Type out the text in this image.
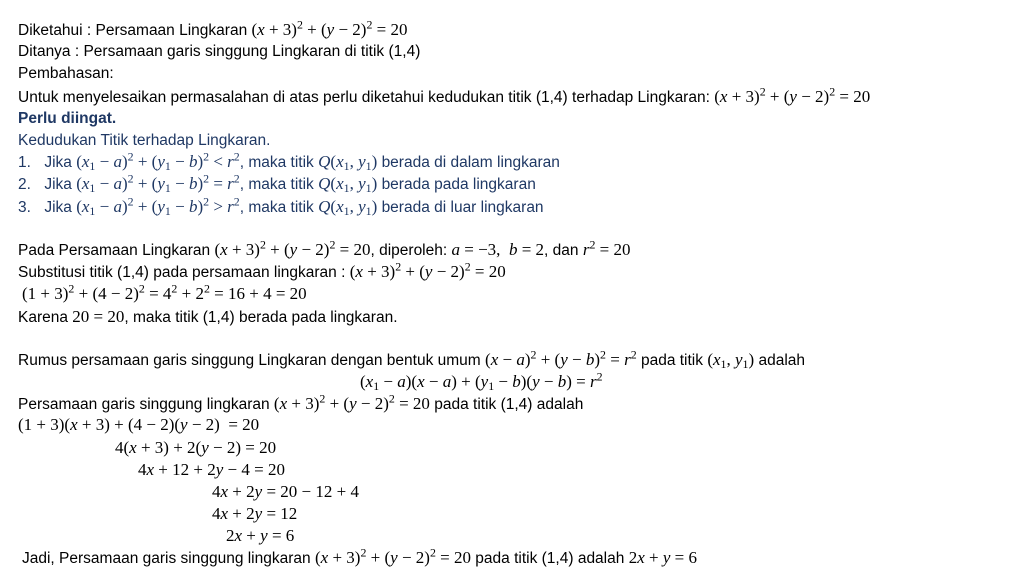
Diketahui : Persamaan Lingkaran $(x + 3)^2 + (y - 2)^2 = 20$
Ditanya : Persamaan garis singgung Lingkaran di titik (1,4)
Pembahasan:
Untuk menyelesaikan permasalahan di atas perlu diketahui kedudukan titik (1,4) terhadap Lingkaran: $(x + 3)^2 + (y - 2)^2 = 20$
Perlu diingat.
Kedudukan Titik terhadap Lingkaran.
1. Jika $(x_1 - a)^2 + (y_1 - b)^2 < r^2$, maka titik $Q(x_1$, $y_1$) berada di dalam lingkaran
2. Jika $(x_1 - a)^2 + (y_1 - b)^2 = r^2$, maka titik $Q(x_1$, $y_1$) berada pada lingkaran
3. Jika $(x_1 - a)^2 + (y_1 - b)^2 > r^2$, maka titik $Q(x_1$, $y_1$) berada di luar lingkaran
Pada Persamaan Lingkaran $(x + 3)^2 + (y - 2)^2 = 20$, diperoleh: a = −3,  b = 2, dan $r^2 = 20$
Substitusi titik (1,4) pada persamaan lingkaran : $(x + 3)^2 + (y - 2)^2 = 20$
$(1 + 3)^2 + (4 - 2)^2 = 4^2 + 2^2 = 16 + 4 = 20$
Karena 20 = 20, maka titik (1,4) berada pada lingkaran.
Rumus persamaan garis singgung Lingkaran dengan bentuk umum $(x - a)^2 + (y - b)^2 = r^2$ pada titik ($x_1$, $y_1$) adalah
$(x_1 - a)(x - a) + (y_1 - b)(y - b) = r^2$
Persamaan garis singgung lingkaran $(x + 3)^2 + (y - 2)^2 = 20$ pada titik (1,4) adalah
(1 + 3)(x + 3) + (4 − 2)(y − 2)  = 20
4(x + 3) + 2(y − 2) = 20
4x + 12 + 2y − 4 = 20
4x + 2y = 20 − 12 + 4
4x + 2y = 12
2x + y = 6
Jadi, Persamaan garis singgung lingkaran $(x + 3)^2 + (y - 2)^2 = 20$ pada titik (1,4) adalah 2x + y = 6
